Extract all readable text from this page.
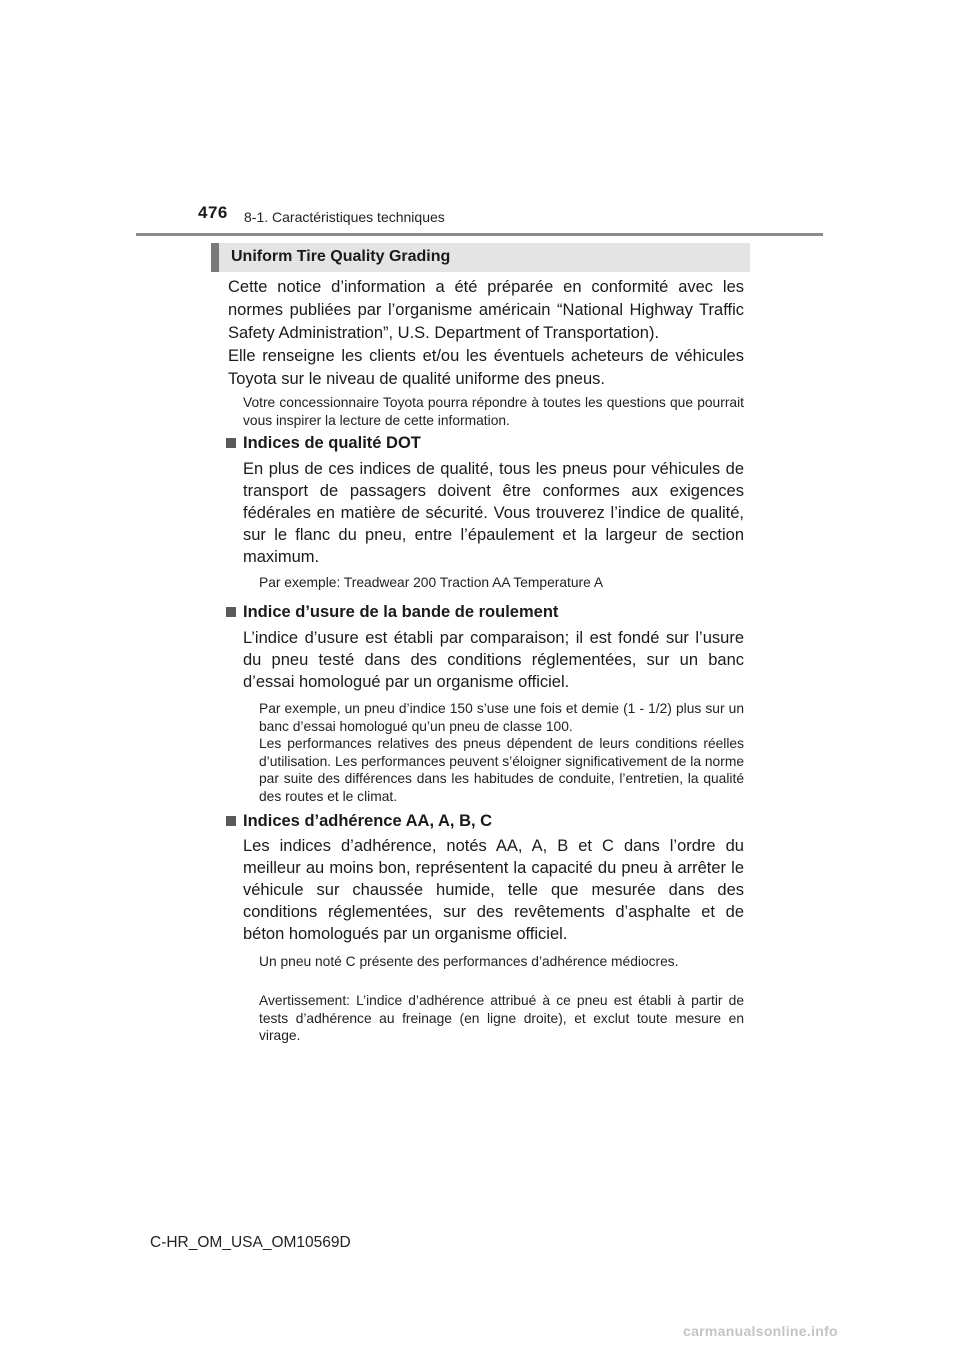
476 8-1. Caractéristiques techniques
Uniform Tire Quality Grading
Cette notice d’information a été préparée en conformité avec les normes publiées par l’organisme américain “National Highway Traffic Safety Administration”, U.S. Department of Transportation).
Elle renseigne les clients et/ou les éventuels acheteurs de véhicules Toyota sur le niveau de qualité uniforme des pneus.
Votre concessionnaire Toyota pourra répondre à toutes les questions que pourrait vous inspirer la lecture de cette information.
Indices de qualité DOT
En plus de ces indices de qualité, tous les pneus pour véhicules de transport de passagers doivent être conformes aux exigences fédérales en matière de sécurité. Vous trouverez l’indice de qualité, sur le flanc du pneu, entre l’épaulement et la largeur de section maximum.
Par exemple: Treadwear 200 Traction AA Temperature A
Indice d’usure de la bande de roulement
L’indice d’usure est établi par comparaison; il est fondé sur l’usure du pneu testé dans des conditions réglementées, sur un banc d’essai homologué par un organisme officiel.
Par exemple, un pneu d’indice 150 s’use une fois et demie (1 - 1/2) plus sur un banc d’essai homologué qu’un pneu de classe 100.
Les performances relatives des pneus dépendent de leurs conditions réelles d’utilisation. Les performances peuvent s’éloigner significativement de la norme par suite des différences dans les habitudes de conduite, l’entretien, la qualité des routes et le climat.
Indices d’adhérence AA, A, B, C
Les indices d’adhérence, notés AA, A, B et C dans l’ordre du meilleur au moins bon, représentent la capacité du pneu à arrêter le véhicule sur chaussée humide, telle que mesurée dans des conditions réglementées, sur des revêtements d’asphalte et de béton homologués par un organisme officiel.
Un pneu noté C présente des performances d’adhérence médiocres.
Avertissement: L’indice d’adhérence attribué à ce pneu est établi à partir de tests d’adhérence au freinage (en ligne droite), et exclut toute mesure en virage.
C-HR_OM_USA_OM10569D
carmanualsonline.info
